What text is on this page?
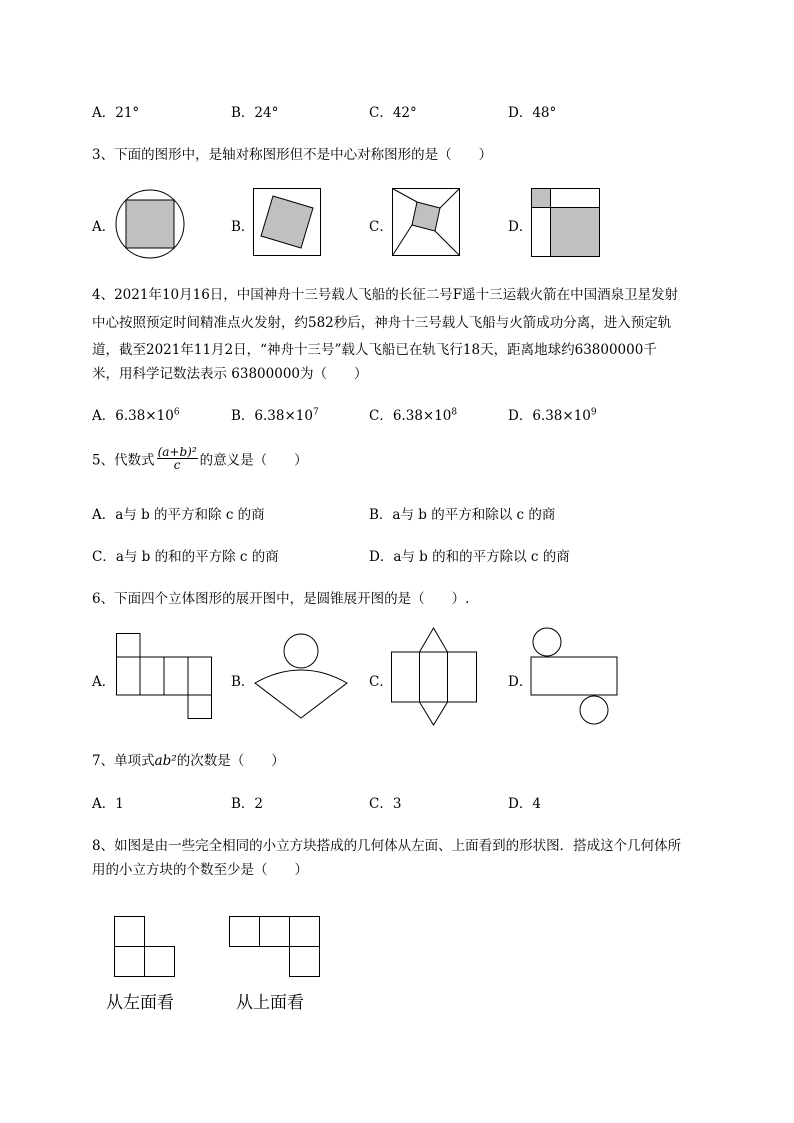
A．21°	B．24°	C．42°	D．48°
3、下面的图形中，是轴对称图形但不是中心对称图形的是（　　）
A．	B．	C．	D．
4、2021年10月16日，中国神舟十三号载人飞船的长征二号F遥十三运载火箭在中国酒泉卫星发射
中心按照预定时间精准点火发射，约582秒后，神舟十三号载人飞船与火箭成功分离，进入预定轨
道，截至2021年11月2日，“神舟十三号”载人飞船已在轨飞行18天，距离地球约63800000千
米，用科学记数法表示 63800000为（　　）
A．$6.38\times 10^6$	B．$6.38\times 10^7$	C．$6.38\times 10^8$	D．$6.38\times 10^9$
5、代数式 $\frac{\text{(a+b)²}}{c}$ 的意义是（　　）
A．a与 b 的平方和除 c 的商	B．a与 b 的平方和除以 c 的商
C．a与 b 的和的平方除 c 的商	D．a与 b 的和的平方除以 c 的商
6、下面四个立体图形的展开图中，是圆锥展开图的是（　　）.
A．	B．	C．	D．
7、单项式ab²的次数是（　　）
A．1	B．2	C．3	D．4
8、如图是由一些完全相同的小立方块搭成的几何体从左面、上面看到的形状图．搭成这个几何体所
用的小立方块的个数至少是（　　）
从左面看	从上面看
